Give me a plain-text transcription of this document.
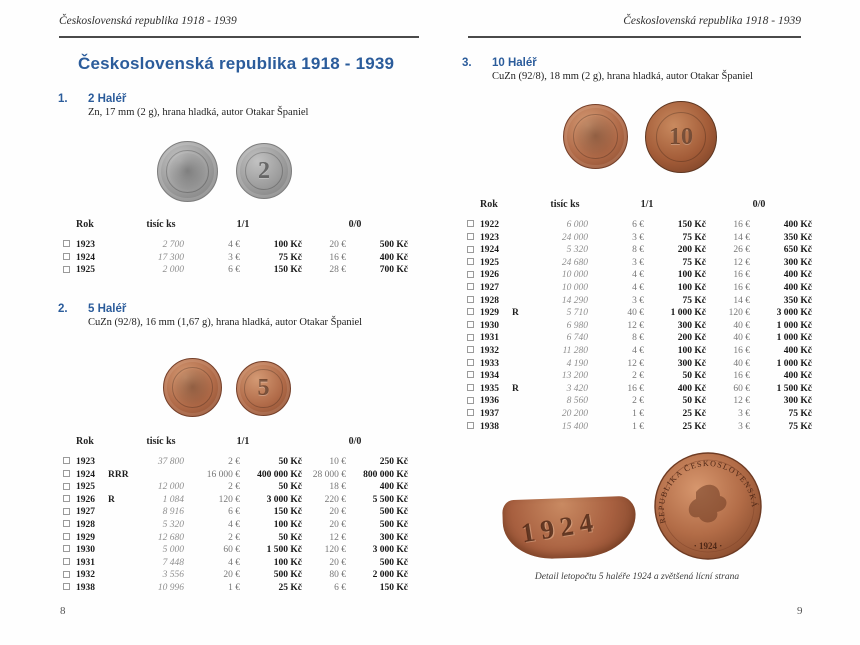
Československá republika 1918 - 1939
Československá republika 1918 - 1939
1. 2 Haléř
Zn, 17 mm (2 g), hrana hladká, autor Otakar Španiel
2
	Rok		tisíc ks	1/1		0/0	
	1923		2 700	4 €	100 Kč	20 €	500 Kč
	1924		17 300	3 €	75 Kč	16 €	400 Kč
	1925		2 000	6 €	150 Kč	28 €	700 Kč
2. 5 Haléř
CuZn (92/8), 16 mm (1,67 g), hrana hladká, autor Otakar Španiel
5
	Rok		tisíc ks	1/1		0/0	
	1923		37 800	2 €	50 Kč	10 €	250 Kč
	1924	RRR		16 000 €	400 000 Kč	28 000 €	800 000 Kč
	1925		12 000	2 €	50 Kč	18 €	400 Kč
	1926	R	1 084	120 €	3 000 Kč	220 €	5 500 Kč
	1927		8 916	6 €	150 Kč	20 €	500 Kč
	1928		5 320	4 €	100 Kč	20 €	500 Kč
	1929		12 680	2 €	50 Kč	12 €	300 Kč
	1930		5 000	60 €	1 500 Kč	120 €	3 000 Kč
	1931		7 448	4 €	100 Kč	20 €	500 Kč
	1932		3 556	20 €	500 Kč	80 €	2 000 Kč
	1938		10 996	1 €	25 Kč	6 €	150 Kč
8
Československá republika 1918 - 1939
3. 10 Haléř
CuZn (92/8), 18 mm (2 g), hrana hladká, autor Otakar Španiel
10
	Rok		tisíc ks	1/1		0/0	
	1922		6 000	6 €	150 Kč	16 €	400 Kč
	1923		24 000	3 €	75 Kč	14 €	350 Kč
	1924		5 320	8 €	200 Kč	26 €	650 Kč
	1925		24 680	3 €	75 Kč	12 €	300 Kč
	1926		10 000	4 €	100 Kč	16 €	400 Kč
	1927		10 000	4 €	100 Kč	16 €	400 Kč
	1928		14 290	3 €	75 Kč	14 €	350 Kč
	1929	R	5 710	40 €	1 000 Kč	120 €	3 000 Kč
	1930		6 980	12 €	300 Kč	40 €	1 000 Kč
	1931		6 740	8 €	200 Kč	40 €	1 000 Kč
	1932		11 280	4 €	100 Kč	16 €	400 Kč
	1933		4 190	12 €	300 Kč	40 €	1 000 Kč
	1934		13 200	2 €	50 Kč	16 €	400 Kč
	1935	R	3 420	16 €	400 Kč	60 €	1 500 Kč
	1936		8 560	2 €	50 Kč	12 €	300 Kč
	1937		20 200	1 €	25 Kč	3 €	75 Kč
	1938		15 400	1 €	25 Kč	3 €	75 Kč
1924	REPUBLIKA ČESKOSLOVENSKÁ
· 1924 ·
Detail letopočtu 5 haléře 1924 a zvětšená lícní strana
9
